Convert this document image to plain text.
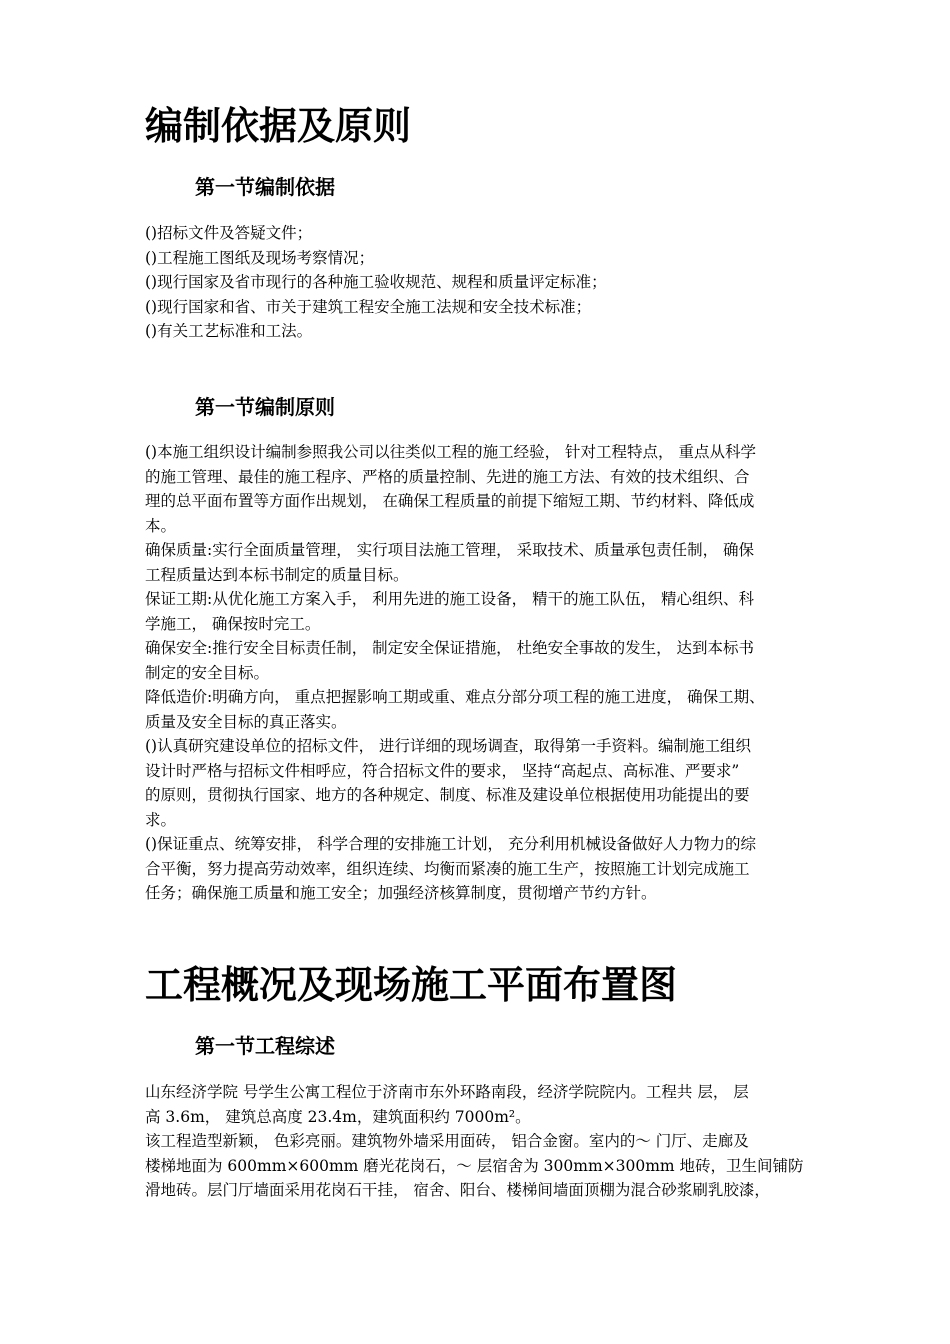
编制依据及原则
第一节编制依据

()招标文件及答疑文件；

()工程施工图纸及现场考察情况；

()现行国家及省市现行的各种施工验收规范、规程和质量评定标准；

()现行国家和省、市关于建筑工程安全施工法规和安全技术标准；

()有关工艺标准和工法。

第一节编制原则

()本施工组织设计编制参照我公司以往类似工程的施工经验， 针对工程特点， 重点从科学

的施工管理、最佳的施工程序、严格的质量控制、先进的施工方法、有效的技术组织、合

理的总平面布置等方面作出规划， 在确保工程质量的前提下缩短工期、节约材料、降低成

本。

确保质量:实行全面质量管理， 实行项目法施工管理， 采取技术、质量承包责任制， 确保

工程质量达到本标书制定的质量目标。

保证工期:从优化施工方案入手， 利用先进的施工设备， 精干的施工队伍， 精心组织、科

学施工， 确保按时完工。

确保安全:推行安全目标责任制， 制定安全保证措施， 杜绝安全事故的发生， 达到本标书

制定的安全目标。

降低造价:明确方向， 重点把握影响工期或重、难点分部分项工程的施工进度， 确保工期、

质量及安全目标的真正落实。

()认真研究建设单位的招标文件， 进行详细的现场调查，取得第一手资料。编制施工组织

设计时严格与招标文件相呼应，符合招标文件的要求， 坚持“高起点、高标准、严要求”

的原则，贯彻执行国家、地方的各种规定、制度、标准及建设单位根据使用功能提出的要

求。

()保证重点、统筹安排， 科学合理的安排施工计划， 充分利用机械设备做好人力物力的综

合平衡，努力提高劳动效率，组织连续、均衡而紧凑的施工生产，按照施工计划完成施工

任务；确保施工质量和施工安全；加强经济核算制度，贯彻增产节约方针。

工程概况及现场施工平面布置图
第一节工程综述

山东经济学院 号学生公寓工程位于济南市东外环路南段，经济学院院内。工程共 层， 层

高 3.6m， 建筑总高度 23.4m，建筑面积约 7000m²。

该工程造型新颖， 色彩亮丽。建筑物外墙采用面砖， 铝合金窗。室内的～ 门厅、走廊及

楼梯地面为 600mm×600mm 磨光花岗石，～ 层宿舍为 300mm×300mm 地砖，卫生间铺防

滑地砖。层门厅墙面采用花岗石干挂， 宿舍、阳台、楼梯间墙面顶棚为混合砂浆刷乳胶漆，
